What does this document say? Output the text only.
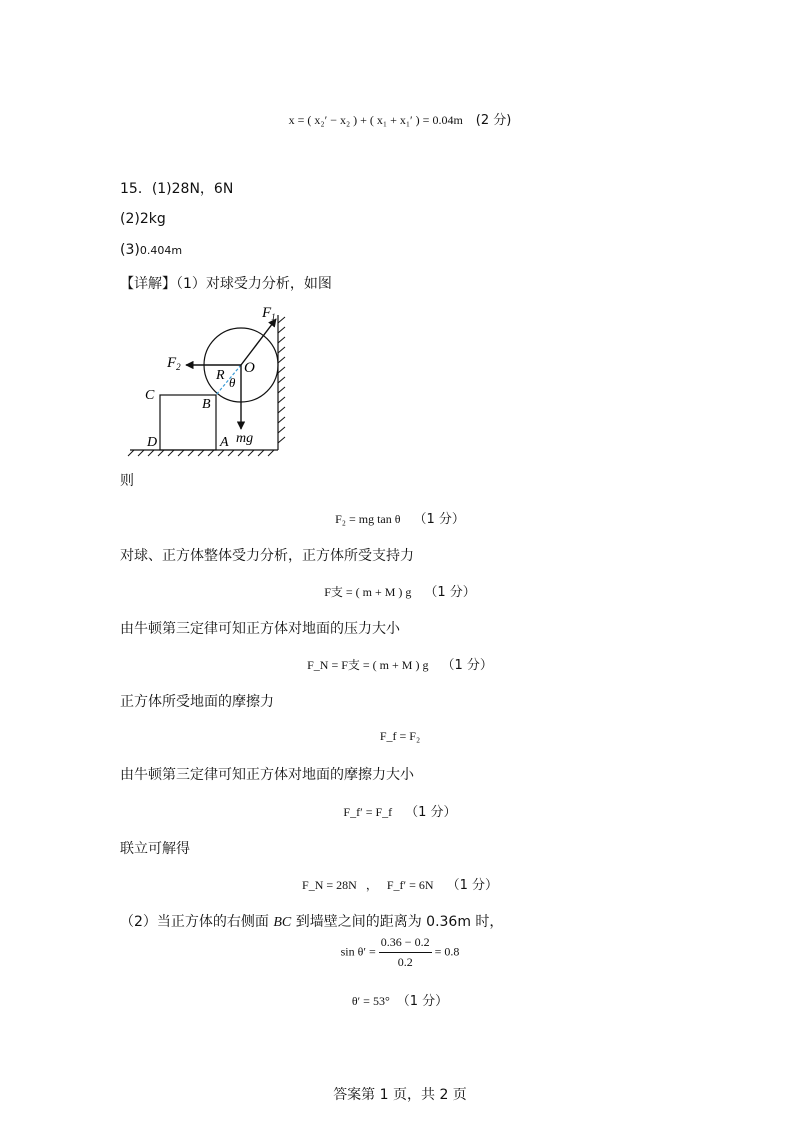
x = ( x₂′ − x₂ ) + ( x₁ + x₁′ ) = 0.04m (2 分)
15．(1)28N，6N
(2)2kg
(3)0.404m
【详解】（1）对球受力分析，如图
$F_1$
$F_2$	O
R θ
C
B
D	A mg
则
F₂ = mg tan θ （1 分）
对球、正方体整体受力分析，正方体所受支持力
F支 = ( m + M ) g （1 分）
由牛顿第三定律可知正方体对地面的压力大小
F_N = F支 = ( m + M ) g （1 分）
正方体所受地面的摩擦力
F_f = F₂
由牛顿第三定律可知正方体对地面的摩擦力大小
F_f′ = F_f （1 分）
联立可解得
F_N = 28N ， F_f′ = 6N （1 分）
（2）当正方体的右侧面 BC 到墙壁之间的距离为 0.36m 时，
$\sin \theta' = \frac{0.36 - 0.2}{0.2} = 0.8$
θ′ = 53° （1 分）
答案第 1 页，共 2 页
